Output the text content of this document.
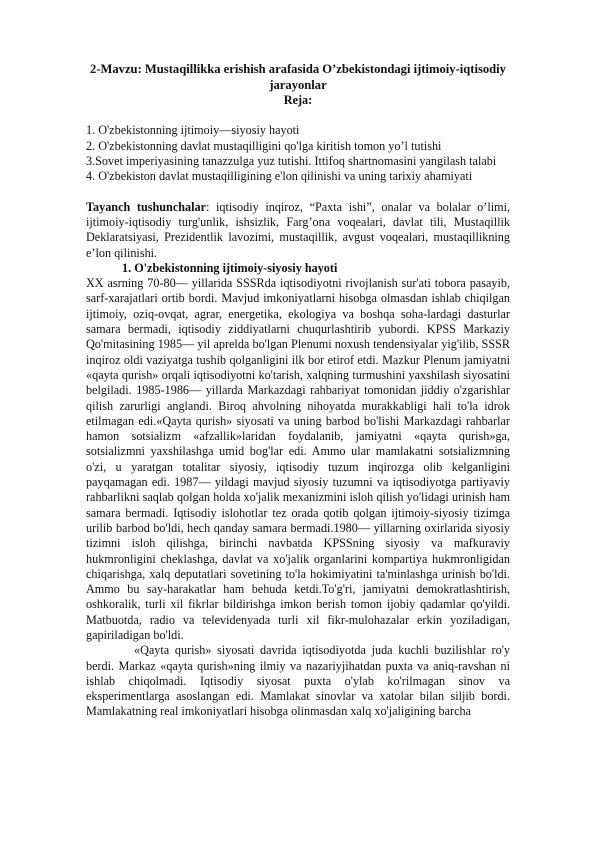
2-Mavzu: Mustaqillikka erishish arafasida O’zbekistondagi ijtimoiy-iqtisodiy jarayonlar

Reja:

1. O'zbekistonning ijtimoiy—siyosiy hayoti

2. O'zbekistonning davlat mustaqilligini qo'lga kiritish tomon yo’l tutishi

3.Sovet imperiyasining tanazzulga yuz tutishi. Ittifoq shartnomasini yangilash talabi

4. O'zbekiston davlat mustaqilligining e'lon qilinishi va uning tarixiy ahamiyati

Tayanch tushunchalar: iqtisodiy inqiroz, “Paxta ishi”, onalar va bolalar o’limi, ijtimoiy-iqtisodiy turg'unlik, ishsizlik, Farg’ona voqealari, davlat tili, Mustaqillik Deklaratsiyasi, Prezidentlik lavozimi, mustaqillik, avgust voqealari, mustaqillikning e’lon qilinishi.

1. O'zbekistonning ijtimoiy-siyosiy hayoti

XX asrning 70-80— yillarida SSSRda iqtisodiyotni rivojlanish sur'ati tobora pasayib, sarf-xarajatlari ortib bordi. Mavjud imkoniyatlarni hisobga olmasdan ishlab chiqilgan ijtimoiy, oziq-ovqat, agrar, energetika, ekologiya va boshqa soha-lardagi dasturlar samara bermadi, iqtisodiy ziddiyatlarni chuqurlashtirib yubordi. KPSS Markaziy Qo'mitasining 1985— yil aprelda bo'lgan Plenumi noxush tendensiyalar yig'ilib, SSSR inqiroz oldi vaziyatga tushib qolganligini ilk bor etirof etdi. Mazkur Plenum jamiyatni «qayta qurish» orqali iqtisodiyotni ko'tarish, xalqning turmushini yaxshilash siyosatini belgiladi. 1985-1986— yillarda Markazdagi rahbariyat tomonidan jiddiy o'zgarishlar qilish zarurligi anglandi. Biroq ahvolning nihoyatda murakkabligi hali to'la idrok etilmagan edi.«Qayta qurish» siyosati va uning barbod bo'lishi Markazdagi rahbarlar hamon sotsializm «afzallik»laridan foydalanib, jamiyatni «qayta qurish»ga, sotsializmni yaxshilashga umid bog'lar edi. Ammo ular mamlakatni sotsializmning o'zi, u yaratgan totalitar siyosiy, iqtisodiy tuzum inqirozga olib kelganligini payqamagan edi. 1987— yildagi mavjud siyosiy tuzumni va iqtisodiyotga partiyaviy rahbarlikni saqlab qolgan holda xo'jalik mexanizmini isloh qilish yo'lidagi urinish ham samara bermadi. Iqtisodiy islohotlar tez orada qotib qolgan ijtimoiy-siyosiy tizimga urilib barbod bo'ldi, hech qanday samara bermadi.1980— yillarning oxirlarida siyosiy tizimni isloh qilishga, birinchi navbatda KPSSning siyosiy va mafkuraviy hukmronligini cheklashga, davlat va xo'jalik organlarini kompartiya hukmronligidan chiqarishga, xalq deputatlari sovetining to'la hokimiyatini ta'minlashga urinish bo'ldi. Ammo bu say-harakatlar ham behuda ketdi.To'g'ri, jamiyatni demokratlashtirish, oshkoralik, turli xil fikrlar bildirishga imkon berish tomon ijobiy qadamlar qo'yildi. Matbuotda, radio va televidenyada turli xil fikr-mulohazalar erkin yoziladigan, gapiriladigan bo'ldi.

«Qayta qurish» siyosati davrida iqtisodiyotda juda kuchli buzilishlar ro'y berdi. Markaz «qayta qurish»ning ilmiy va nazariyjihatdan puxta va aniq-ravshan ni ishlab chiqolmadi. Iqtisodiy siyosat puxta o'ylab ko'rilmagan sinov va eksperimentlarga asoslangan edi. Mamlakat sinovlar va xatolar bilan siljib bordi. Mamlakatning real imkoniyatlari hisobga olinmasdan xalq xo'jaligining barcha
